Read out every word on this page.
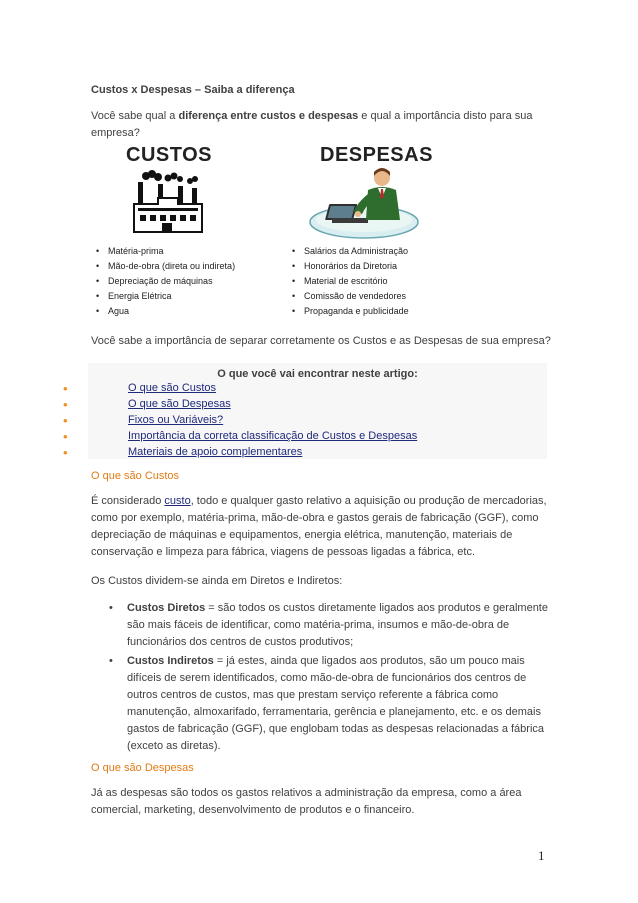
Custos x Despesas – Saiba a diferença
Você sabe qual a diferença entre custos e despesas e qual a importância disto para sua empresa?
CUSTOS	DESPESAS
• Matéria-prima
• Mão-de-obra (direta ou indireta)
• Depreciação de máquinas
• Energia Elétrica
• Agua
• Salários da Administração
• Honorários da Diretoria
• Material de escritório
• Comissão de vendedores
• Propaganda e publicidade
Você sabe a importância de separar corretamente os Custos e as Despesas de sua empresa?
O que você vai encontrar neste artigo:
•	O que são Custos
•	O que são Despesas
•	Fixos ou Variáveis?
•	Importância da correta classificação de Custos e Despesas
•	Materiais de apoio complementares
O que são Custos
É considerado custo, todo e qualquer gasto relativo a aquisição ou produção de mercadorias, como por exemplo, matéria-prima, mão-de-obra e gastos gerais de fabricação (GGF), como depreciação de máquinas e equipamentos, energia elétrica, manutenção, materiais de conservação e limpeza para fábrica, viagens de pessoas ligadas a fábrica, etc.
Os Custos dividem-se ainda em Diretos e Indiretos:
• Custos Diretos = são todos os custos diretamente ligados aos produtos e geralmente são mais fáceis de identificar, como matéria-prima, insumos e mão-de-obra de funcionários dos centros de custos produtivos;
• Custos Indiretos = já estes, ainda que ligados aos produtos, são um pouco mais difíceis de serem identificados, como mão-de-obra de funcionários dos centros de outros centros de custos, mas que prestam serviço referente a fábrica como manutenção, almoxarifado, ferramentaria, gerência e planejamento, etc. e os demais gastos de fabricação (GGF), que englobam todas as despesas relacionadas a fábrica (exceto as diretas).
O que são Despesas
Já as despesas são todos os gastos relativos a administração da empresa, como a área comercial, marketing, desenvolvimento de produtos e o financeiro.
1
